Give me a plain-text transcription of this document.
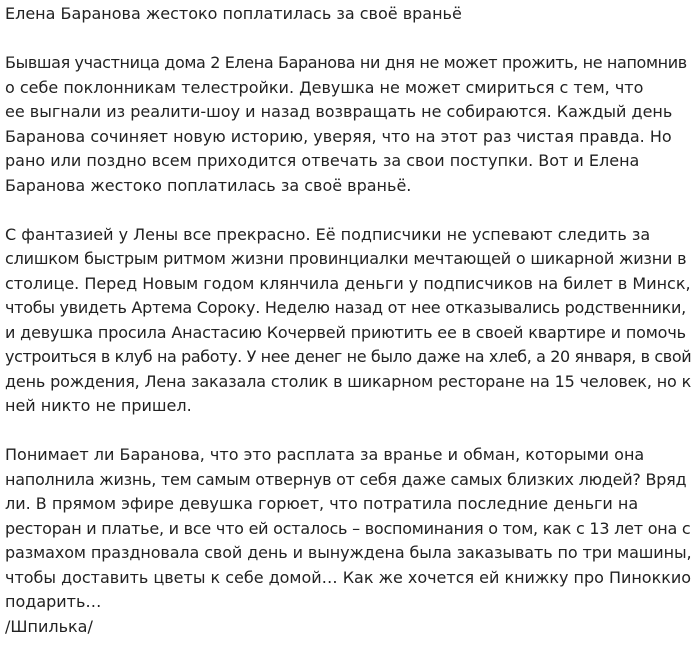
Елена Баранова жестоко поплатилась за своё враньё

Бывшая участница дома 2 Елена Баранова ни дня не может прожить, не напомнив
о себе поклонникам телестройки. Девушка не может смириться с тем, что
ее выгнали из реалити-шоу и назад возвращать не собираются. Каждый день
Баранова сочиняет новую историю, уверяя, что на этот раз чистая правда. Но
рано или поздно всем приходится отвечать за свои поступки. Вот и Елена
Баранова жестоко поплатилась за своё враньё.

С фантазией у Лены все прекрасно. Её подписчики не успевают следить за
слишком быстрым ритмом жизни провинциалки мечтающей о шикарной жизни в
столице. Перед Новым годом клянчила деньги у подписчиков на билет в Минск,
чтобы увидеть Артема Сороку. Неделю назад от нее отказывались родственники,
и девушка просила Анастасию Кочервей приютить ее в своей квартире и помочь
устроиться в клуб на работу. У нее денег не было даже на хлеб, а 20 января, в свой
день рождения, Лена заказала столик в шикарном ресторане на 15 человек, но к
ней никто не пришел.

Понимает ли Баранова, что это расплата за вранье и обман, которыми она
наполнила жизнь, тем самым отвернув от себя даже самых близких людей? Вряд
ли. В прямом эфире девушка горюет, что потратила последние деньги на
ресторан и платье, и все что ей осталось – воспоминания о том, как с 13 лет она с
размахом праздновала свой день и вынуждена была заказывать по три машины,
чтобы доставить цветы к себе домой… Как же хочется ей книжку про Пиноккио
подарить…

/Шпилька/
